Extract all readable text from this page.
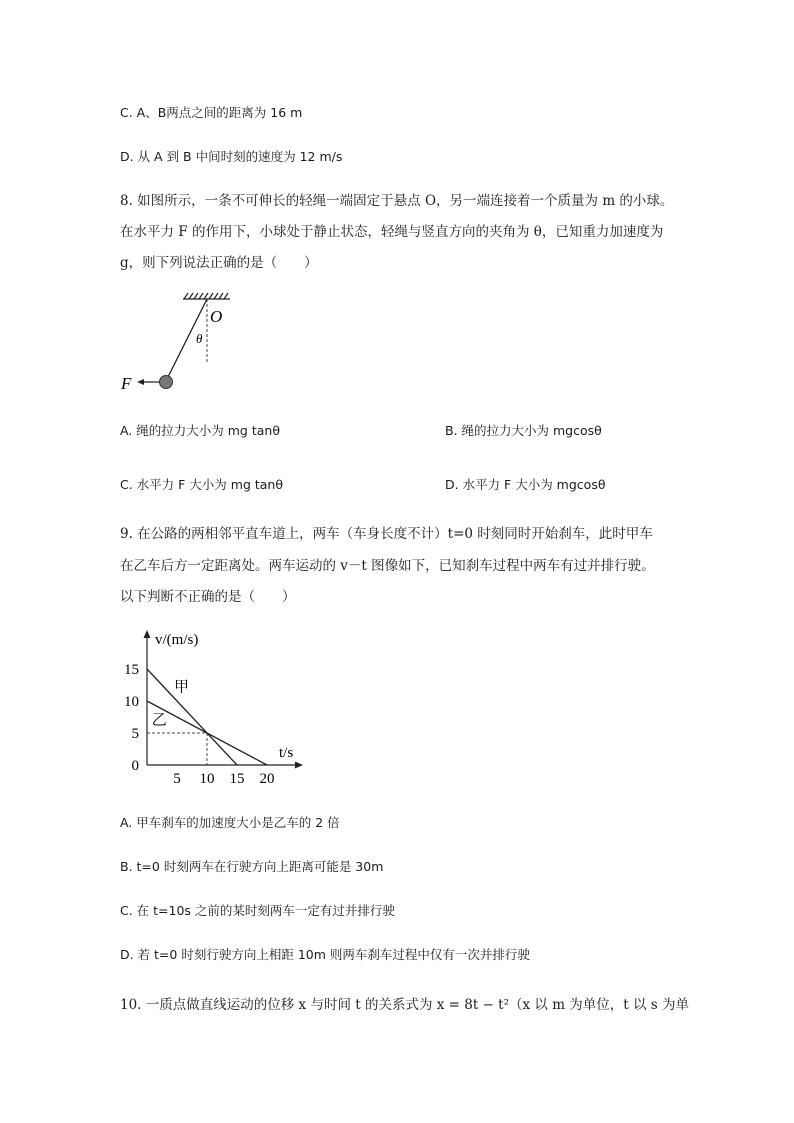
C. A、B两点之间的距离为 16 m
D. 从 A 到 B 中间时刻的速度为 12 m/s
8. 如图所示，一条不可伸长的轻绳一端固定于悬点 O，另一端连接着一个质量为 m 的小球。
在水平力 F 的作用下，小球处于静止状态，轻绳与竖直方向的夹角为 θ，已知重力加速度为
g，则下列说法正确的是（　　）
O
θ
F
A. 绳的拉力大小为 mg tanθ	B. 绳的拉力大小为 mgcosθ
C. 水平力 F 大小为 mg tanθ	D. 水平力 F 大小为 mgcosθ
9. 在公路的两相邻平直车道上，两车（车身长度不计）t=0 时刻同时开始刹车，此时甲车
在乙车后方一定距离处。两车运动的 v－t 图像如下，已知刹车过程中两车有过并排行驶。
以下判断不正确的是（　　）
v/(m/s)
t/s
0
5
10
15
5 10 15 20
甲
乙
A. 甲车刹车的加速度大小是乙车的 2 倍
B. t=0 时刻两车在行驶方向上距离可能是 30m
C. 在 t=10s 之前的某时刻两车一定有过并排行驶
D. 若 t=0 时刻行驶方向上相距 10m 则两车刹车过程中仅有一次并排行驶
10. 一质点做直线运动的位移 x 与时间 t 的关系式为 x = 8t − t²（x 以 m 为单位，t 以 s 为单
